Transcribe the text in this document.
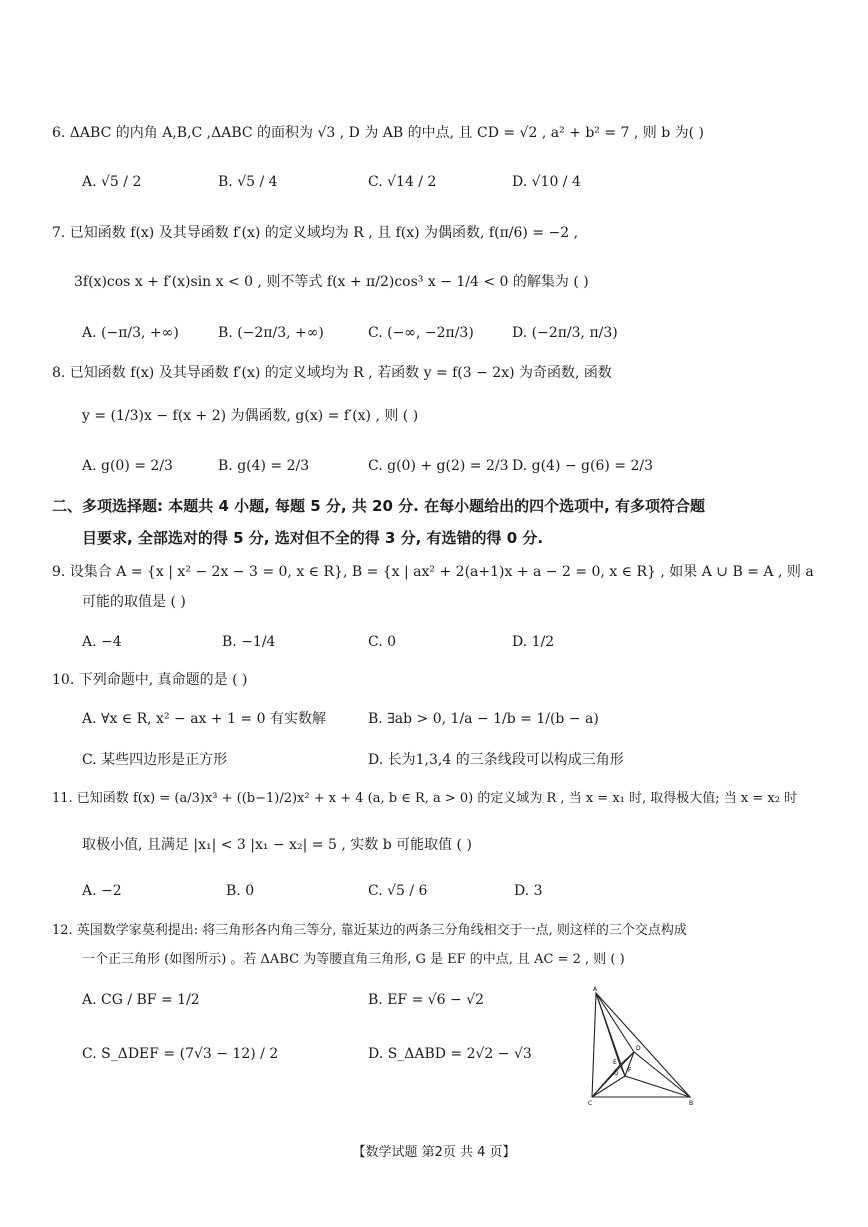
6. ΔABC 的内角 A,B,C ,ΔABC 的面积为 √3 , D 为 AB 的中点, 且 CD = √2 , a² + b² = 7 , 则 b 为( )
A. √5 / 2	B. √5 / 4	C. √14 / 2	D. √10 / 4
7. 已知函数 f(x) 及其导函数 f′(x) 的定义域均为 R , 且 f(x) 为偶函数, f(π/6) = −2 ,
3f(x)cos x + f′(x)sin x < 0 , 则不等式 f(x + π/2)cos³ x − 1/4 < 0 的解集为 ( )
A. (−π/3, +∞)	B. (−2π/3, +∞)	C. (−∞, −2π/3)	D. (−2π/3, π/3)
8. 已知函数 f(x) 及其导函数 f′(x) 的定义域均为 R , 若函数 y = f(3 − 2x) 为奇函数, 函数
y = (1/3)x − f(x + 2) 为偶函数, g(x) = f′(x) , 则 ( )
A. g(0) = 2/3	B. g(4) = 2/3	C. g(0) + g(2) = 2/3 D. g(4) − g(6) = 2/3
二、多项选择题: 本题共 4 小题, 每题 5 分, 共 20 分. 在每小题给出的四个选项中, 有多项符合题
目要求, 全部选对的得 5 分, 选对但不全的得 3 分, 有选错的得 0 分.
9. 设集合 A = {x | x² − 2x − 3 = 0, x ∈ R}, B = {x | ax² + 2(a+1)x + a − 2 = 0, x ∈ R} , 如果 A ∪ B = A , 则 a
可能的取值是 ( )
A. −4	B. −1/4	C. 0	D. 1/2
10. 下列命题中, 真命题的是 ( )
A. ∀x ∈ R, x² − ax + 1 = 0 有实数解	B. ∃ab > 0, 1/a − 1/b = 1/(b − a)
C. 某些四边形是正方形	D. 长为1,3,4 的三条线段可以构成三角形
11. 已知函数 f(x) = (a/3)x³ + ((b−1)/2)x² + x + 4 (a, b ∈ R, a > 0) 的定义域为 R , 当 x = x₁ 时, 取得极大值; 当 x = x₂ 时
取极小值, 且满足 |x₁| < 3 |x₁ − x₂| = 5 , 实数 b 可能取值 ( )
A. −2	B. 0	C. √5 / 6	D. 3
12. 英国数学家莫利提出: 将三角形各内角三等分, 靠近某边的两条三分角线相交于一点, 则这样的三个交点构成
一个正三角形 (如图所示) 。若 ΔABC 为等腰直角三角形, G 是 EF 的中点, 且 AC = 2 , 则 ( )
A. CG / BF = 1/2	B. EF = √6 − √2
C. S_ΔDEF = (7√3 − 12) / 2	D. S_ΔABD = 2√2 − √3
A
B
C
D
E
F
G
【数学试题 第2页 共 4 页】
